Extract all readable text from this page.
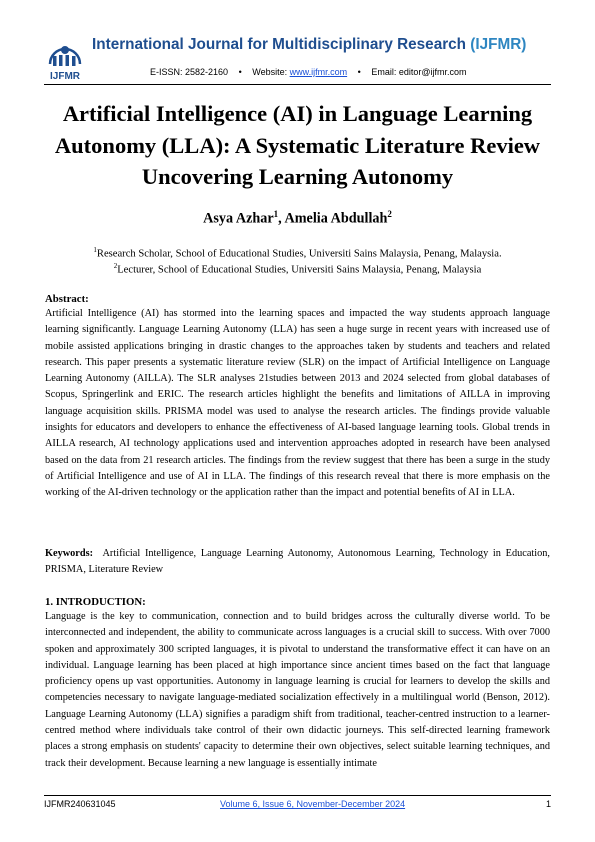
IJFMR
International Journal for Multidisciplinary Research (IJFMR)
E-ISSN: 2582-2160 • Website: www.ijfmr.com • Email: editor@ijfmr.com
Artificial Intelligence (AI) in Language Learning Autonomy (LLA): A Systematic Literature Review Uncovering Learning Autonomy
Asya Azhar$^1$, Amelia Abdullah$^2$
$^1$Research Scholar, School of Educational Studies, Universiti Sains Malaysia, Penang, Malaysia.
$^2$Lecturer, School of Educational Studies, Universiti Sains Malaysia, Penang, Malaysia
Abstract:

Artificial Intelligence (AI) has stormed into the learning spaces and impacted the way students approach language learning significantly. Language Learning Autonomy (LLA) has seen a huge surge in recent years with increased use of mobile assisted applications bringing in drastic changes to the approaches taken by students and teachers and related research. This paper presents a systematic literature review (SLR) on the impact of Artificial Intelligence on Language Learning Autonomy (AILLA). The SLR analyses 21studies between 2013 and 2024 selected from global databases of Scopus, Springerlink and ERIC. The research articles highlight the benefits and limitations of AILLA in improving language acquisition skills. PRISMA model was used to analyse the research articles. The findings provide valuable insights for educators and developers to enhance the effectiveness of AI-based language learning tools. Global trends in AILLA research, AI technology applications used and intervention approaches adopted in research have been analysed based on the data from 21 research articles. The findings from the review suggest that there has been a surge in the study of Artificial Intelligence and use of AI in LLA. The findings of this research reveal that there is more emphasis on the working of the AI-driven technology or the application rather than the impact and potential benefits of AI in LLA.

Keywords: Artificial Intelligence, Language Learning Autonomy, Autonomous Learning, Technology in Education, PRISMA, Literature Review

1. INTRODUCTION:

Language is the key to communication, connection and to build bridges across the culturally diverse world. To be interconnected and independent, the ability to communicate across languages is a crucial skill to success. With over 7000 spoken and approximately 300 scripted languages, it is pivotal to understand the transformative effect it can have on an individual. Language learning has been placed at high importance since ancient times based on the fact that language proficiency opens up vast opportunities. Autonomy in language learning is crucial for learners to develop the skills and competencies necessary to navigate language-mediated socialization effectively in a multilingual world (Benson, 2012). Language Learning Autonomy (LLA) signifies a paradigm shift from traditional, teacher-centred instruction to a learner-centred method where individuals take control of their own didactic journeys. This self-directed learning framework places a strong emphasis on students' capacity to determine their own objectives, select suitable learning techniques, and track their development. Because learning a new language is essentially intimate

IJFMR240631045	Volume 6, Issue 6, November-December 2024	1
